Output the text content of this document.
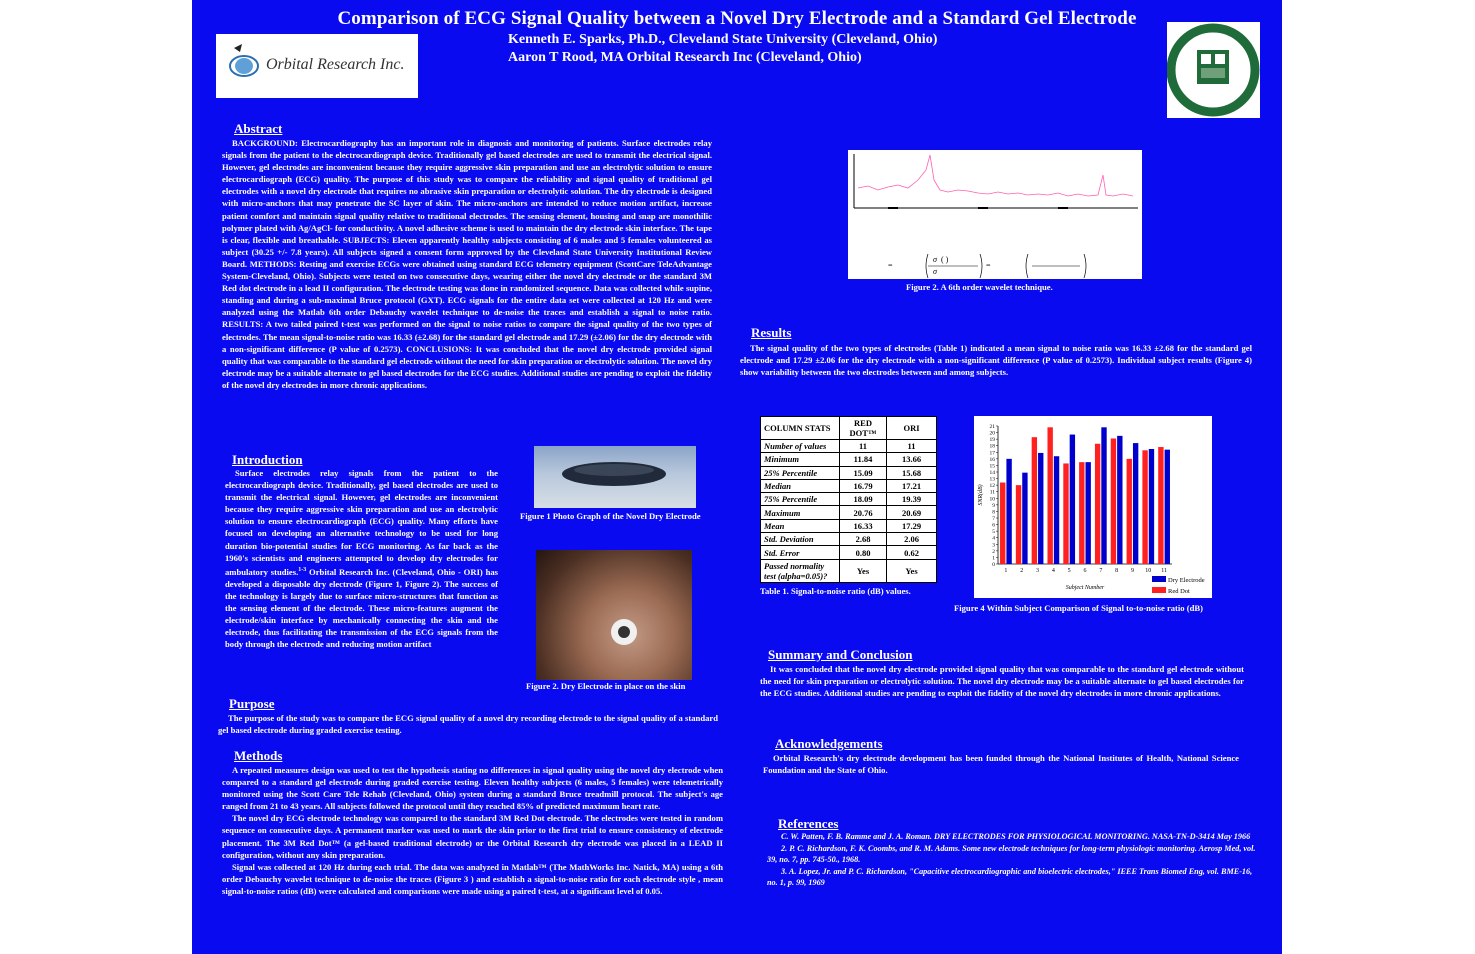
Comparison of ECG Signal Quality between a Novel Dry Electrode and a Standard Gel Electrode
Kenneth E. Sparks, Ph.D., Cleveland State University (Cleveland, Ohio)
Aaron T Rood, MA Orbital Research Inc (Cleveland, Ohio)
Orbital Research Inc.
Abstract

BACKGROUND: Electrocardiography has an important role in diagnosis and monitoring of patients. Surface electrodes relay signals from the patient to the electrocardiograph device. Traditionally gel based electrodes are used to transmit the electrical signal. However, gel electrodes are inconvenient because they require aggressive skin preparation and use an electrolytic solution to ensure electrocardiograph (ECG) quality. The purpose of this study was to compare the reliability and signal quality of traditional gel electrodes with a novel dry electrode that requires no abrasive skin preparation or electrolytic solution. The dry electrode is designed with micro-anchors that may penetrate the SC layer of skin. The micro-anchors are intended to reduce motion artifact, increase patient comfort and maintain signal quality relative to traditional electrodes. The sensing element, housing and snap are monothilic polymer plated with Ag/AgCl- for conductivity. A novel adhesive scheme is used to maintain the dry electrode skin interface. The tape is clear, flexible and breathable. SUBJECTS: Eleven apparently healthy subjects consisting of 6 males and 5 females volunteered as subject (30.25 +/- 7.8 years). All subjects signed a consent form approved by the Cleveland State University Institutional Review Board. METHODS: Resting and exercise ECGs were obtained using standard ECG telemetry equipment (ScottCare TeleAdvantage System-Cleveland, Ohio). Subjects were tested on two consecutive days, wearing either the novel dry electrode or the standard 3M Red dot electrode in a lead II configuration. The electrode testing was done in randomized sequence. Data was collected while supine, standing and during a sub-maximal Bruce protocol (GXT). ECG signals for the entire data set were collected at 120 Hz and were analyzed using the Matlab 6th order Debauchy wavelet technique to de-noise the traces and establish a signal to noise ratio. RESULTS: A two tailed paired t-test was performed on the signal to noise ratios to compare the signal quality of the two types of electrodes. The mean signal-to-noise ratio was 16.33 (±2.68) for the standard gel electrode and 17.29 (±2.06) for the dry electrode with a non-significant difference (P value of 0.2573). CONCLUSIONS: It was concluded that the novel dry electrode provided signal quality that was comparable to the standard gel electrode without the need for skin preparation or electrolytic solution. The novel dry electrode may be a suitable alternate to gel based electrodes for the ECG studies. Additional studies are pending to exploit the fidelity of the novel dry electrodes in more chronic applications.

Introduction

Surface electrodes relay signals from the patient to the electrocardiograph device. Traditionally, gel based electrodes are used to transmit the electrical signal. However, gel electrodes are inconvenient because they require aggressive skin preparation and use an electrolytic solution to ensure electrocardiograph (ECG) quality. Many efforts have focused on developing an alternative technology to be used for long duration bio-potential studies for ECG monitoring. As far back as the 1960's scientists and engineers attempted to develop dry electrodes for ambulatory studies.$^{1-3}$ Orbital Research Inc. (Cleveland, Ohio - ORI) has developed a disposable dry electrode (Figure 1, Figure 2). The success of the technology is largely due to surface micro-structures that function as the sensing element of the electrode. These micro-features augment the electrode/skin interface by mechanically connecting the skin and the electrode, thus facilitating the transmission of the ECG signals from the body through the electrode and reducing motion artifact

Figure 1 Photo Graph of the Novel Dry Electrode
Figure 2. Dry Electrode in place on the skin
Purpose

The purpose of the study was to compare the ECG signal quality of a novel dry recording electrode to the signal quality of a standard gel based electrode during graded exercise testing.

Methods

A repeated measures design was used to test the hypothesis stating no differences in signal quality using the novel dry electrode when compared to a standard gel electrode during graded exercise testing. Eleven healthy subjects (6 males, 5 females) were telemetrically monitored using the Scott Care Tele Rehab (Cleveland, Ohio) system during a standard Bruce treadmill protocol. The subject's age ranged from 21 to 43 years. All subjects followed the protocol until they reached 85% of predicted maximum heart rate.

The novel dry ECG electrode technology was compared to the standard 3M Red Dot electrode. The electrodes were tested in random sequence on consecutive days. A permanent marker was used to mark the skin prior to the first trial to ensure consistency of electrode placement. The 3M Red Dot™ (a gel-based traditional electrode) or the Orbital Research dry electrode was placed in a LEAD II configuration, without any skin preparation.

Signal was collected at 120 Hz during each trial. The data was analyzed in Matlab™ (The MathWorks Inc. Natick, MA) using a 6th order Debauchy wavelet technique to de-noise the traces (Figure 3 ) and establish a signal-to-noise ratio for each electrode style , mean signal-to-noise ratios (dB) were calculated and comparisons were made using a paired t-test, at a significant level of 0.05.

=
σ ( )
σ
=
Figure 2. A 6th order wavelet technique.
Results

The signal quality of the two types of electrodes (Table 1) indicated a mean signal to noise ratio was 16.33 ±2.68 for the standard gel electrode and 17.29 ±2.06 for the dry electrode with a non-significant difference (P value of 0.2573). Individual subject results (Figure 4) show variability between the two electrodes between and among subjects.

COLUMN STATS	RED DOT™	ORI
Number of values	11	11
Minimum	11.84	13.66
25% Percentile	15.09	15.68
Median	16.79	17.21
75% Percentile	18.09	19.39
Maximum	20.76	20.69
Mean	16.33	17.29
Std. Deviation	2.68	2.06
Std. Error	0.80	0.62
Passed normality test (alpha=0.05)?	Yes	Yes
Table 1. Signal-to-noise ratio (dB) values.
0
1
2
3
4
5
6
7
8
9
10
11
12
13
14
15
16
17
18
19
20
21
1 2 3 4 5 6 7 8 9 10 11
SNR(dB)
Subject Number
Dry Electrode
Red Dot
Figure 4 Within Subject Comparison of Signal to-to-noise ratio (dB)
Summary and Conclusion

It was concluded that the novel dry electrode provided signal quality that was comparable to the standard gel electrode without the need for skin preparation or electrolytic solution. The novel dry electrode may be a suitable alternate to gel based electrodes for the ECG studies. Additional studies are pending to exploit the fidelity of the novel dry electrodes in more chronic applications.

Acknowledgements

Orbital Research's dry electrode development has been funded through the National Institutes of Health, National Science Foundation and the State of Ohio.

References

C. W. Patten, F. B. Ramme and J. A. Roman. DRY ELECTRODES FOR PHYSIOLOGICAL MONITORING. NASA-TN-D-3414 May 1966

2. P. C. Richardson, F. K. Coombs, and R. M. Adams. Some new electrode techniques for long-term physiologic monitoring. Aerosp Med, vol. 39, no. 7, pp. 745-50., 1968.

3. A. Lopez, Jr. and P. C. Richardson, "Capacitive electrocardiographic and bioelectric electrodes," IEEE Trans Biomed Eng, vol. BME-16, no. 1, p. 99, 1969
